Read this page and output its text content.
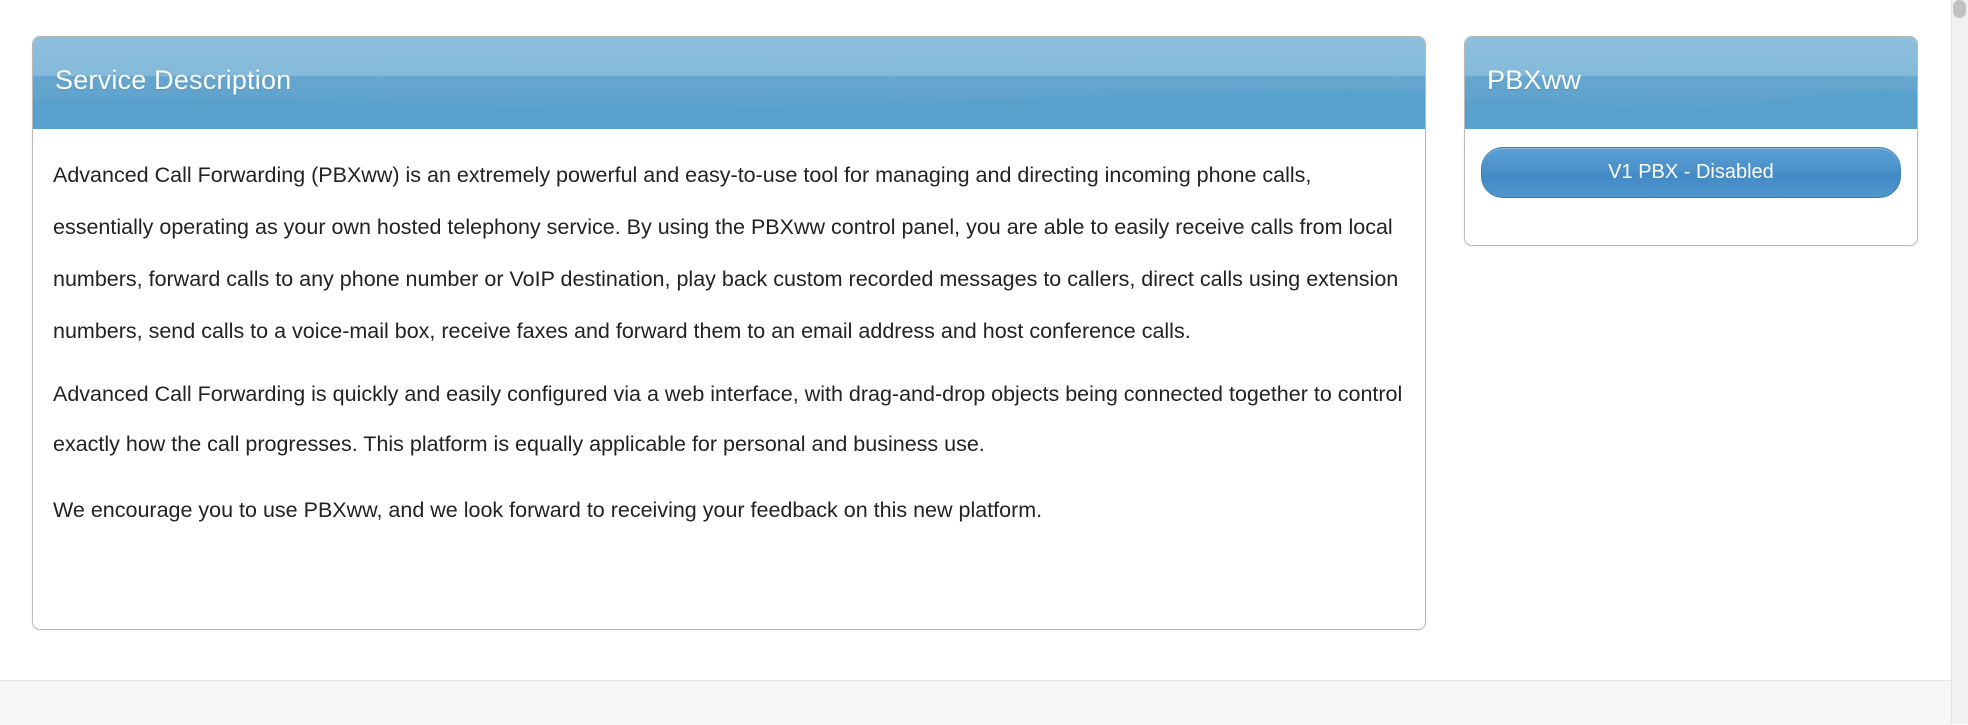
Service Description

Advanced Call Forwarding (PBXww) is an extremely powerful and easy-to-use tool for managing and directing incoming phone calls, essentially operating as your own hosted telephony service. By using the PBXww control panel, you are able to easily receive calls from local numbers, forward calls to any phone number or VoIP destination, play back custom recorded messages to callers, direct calls using extension numbers, send calls to a voice-mail box, receive faxes and forward them to an email address and host conference calls.

Advanced Call Forwarding is quickly and easily configured via a web interface, with drag-and-drop objects being connected together to control exactly how the call progresses. This platform is equally applicable for personal and business use.

We encourage you to use PBXww, and we look forward to receiving your feedback on this new platform.

PBXww
V1 PBX - Disabled
